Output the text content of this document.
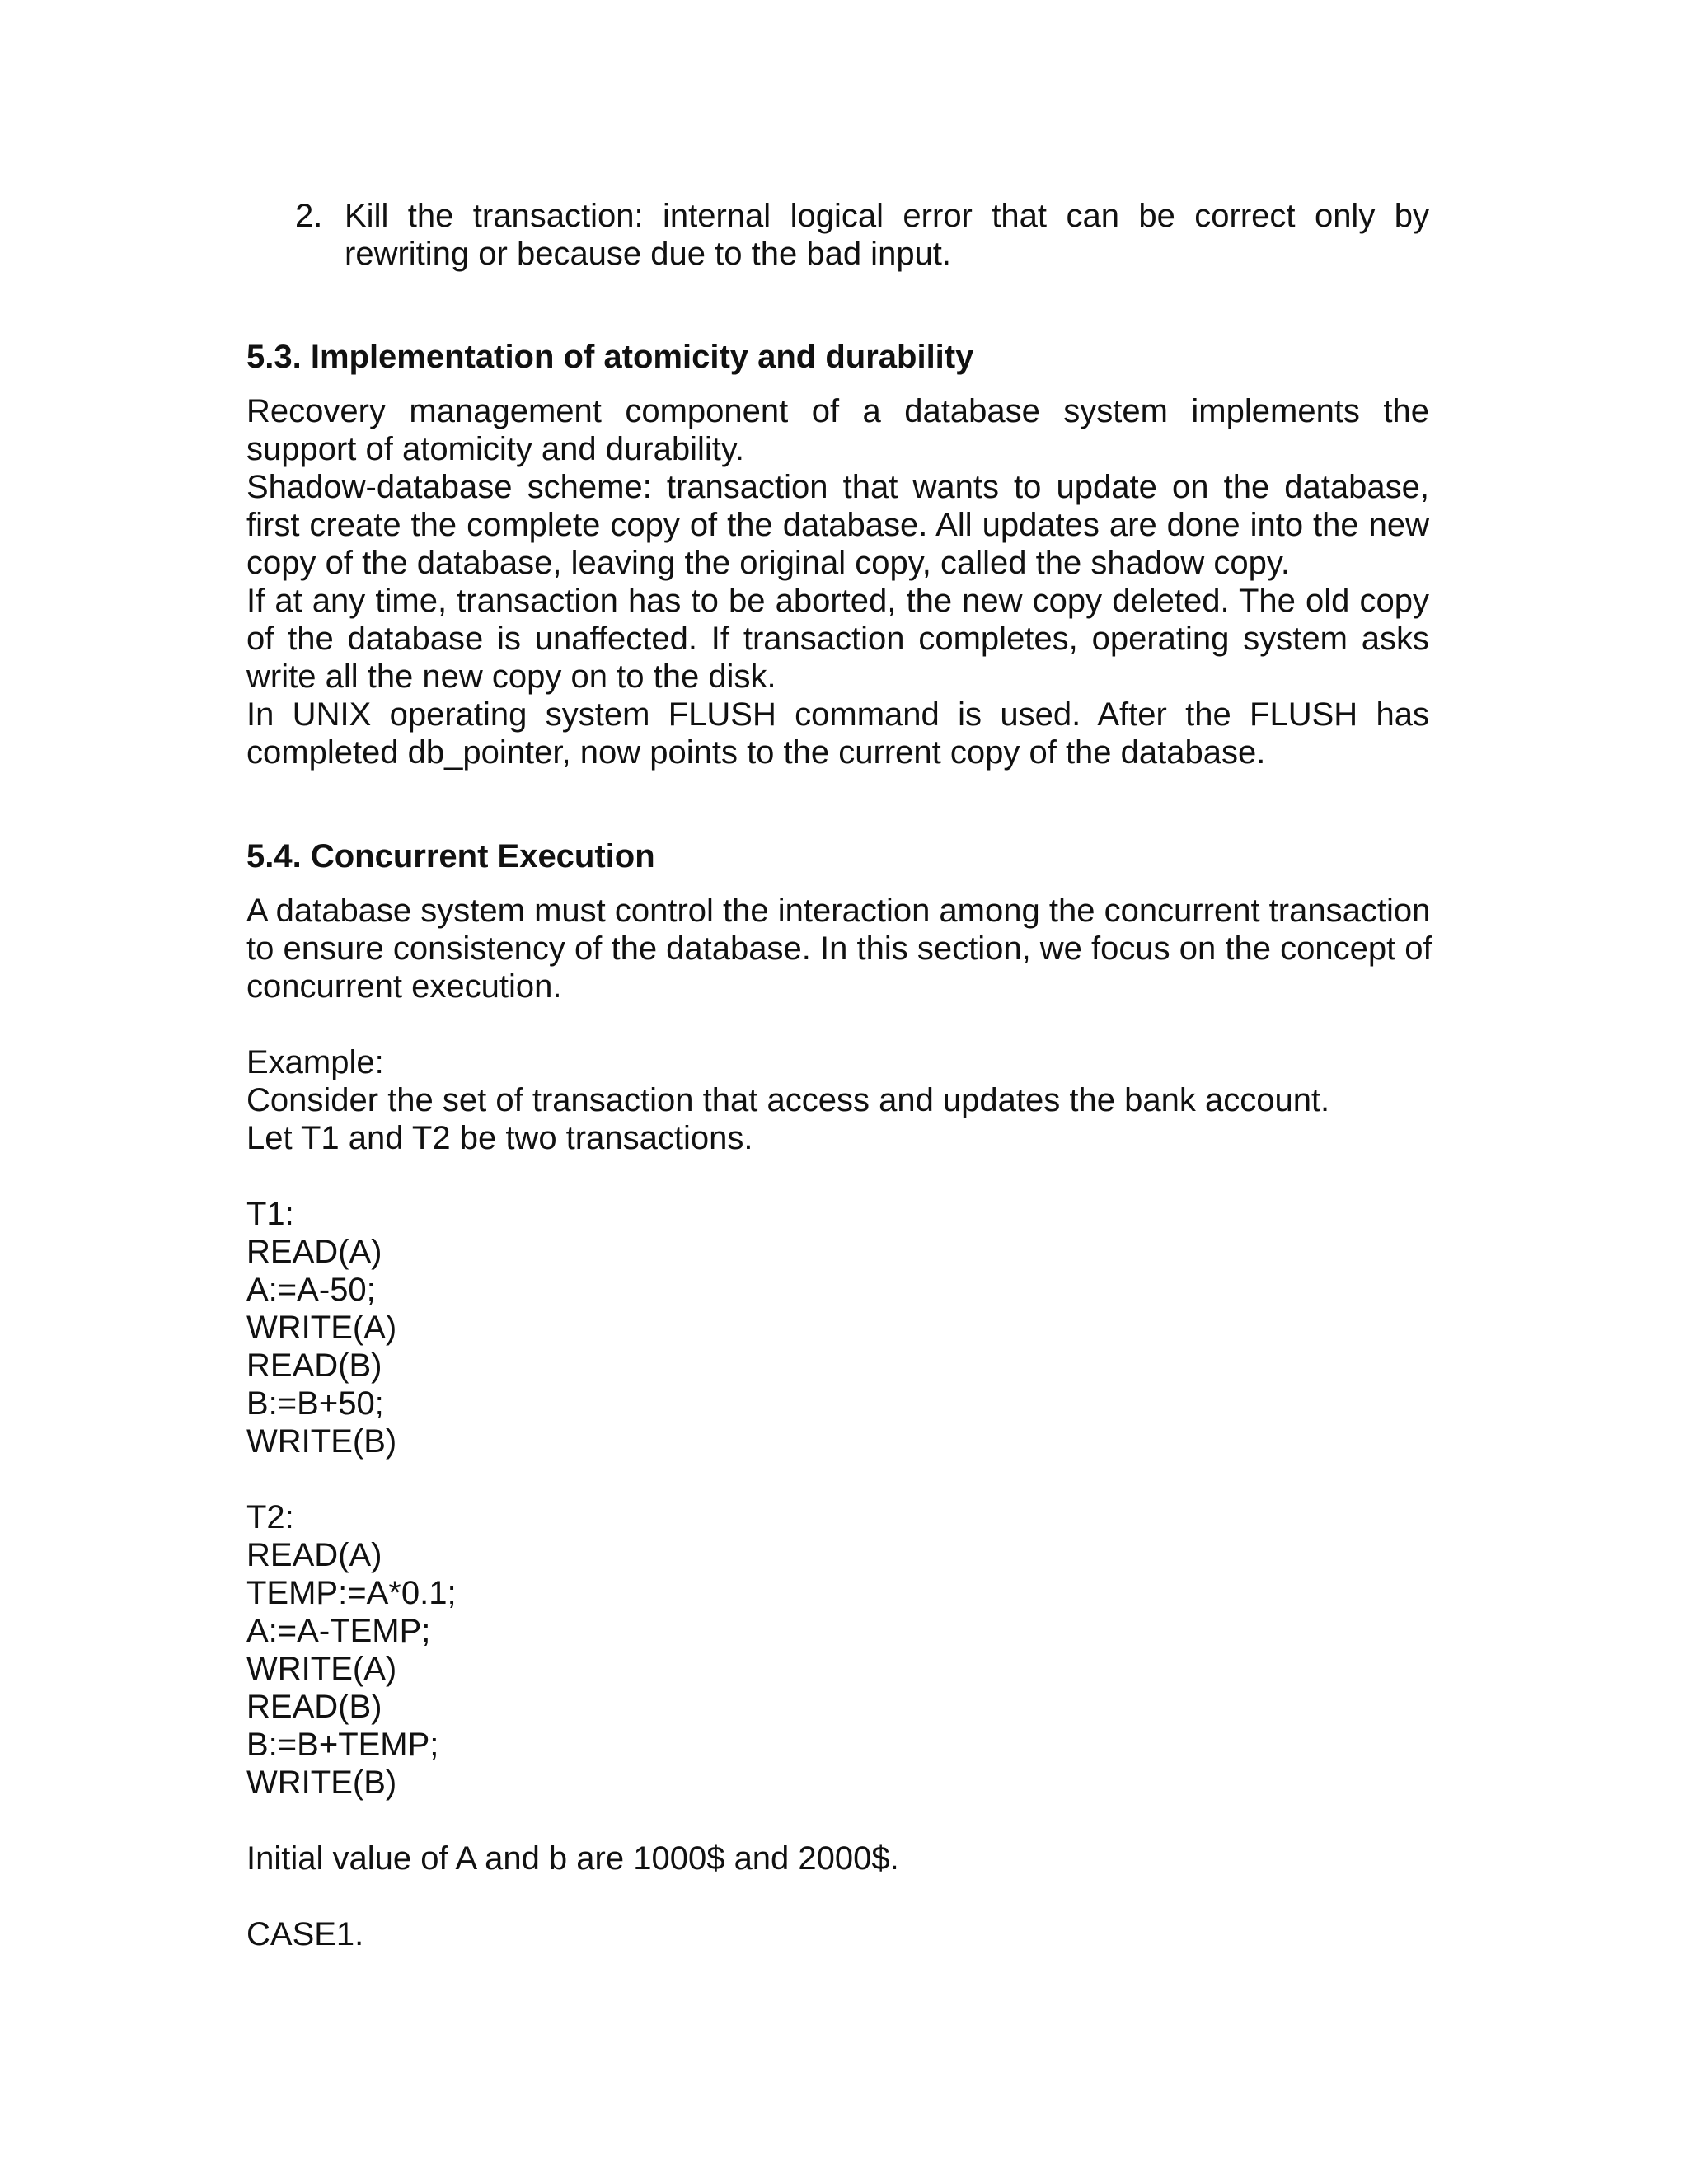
2. Kill the transaction: internal logical error that can be correct only by
rewriting or because due to the bad input.
5.3. Implementation of atomicity and durability
Recovery management component of a database system implements the
support of atomicity and durability.
Shadow-database scheme: transaction that wants to update on the database,
first create the complete copy of the database. All updates are done into the new
copy of the database, leaving the original copy, called the shadow copy.
If at any time, transaction has to be aborted, the new copy deleted. The old copy
of the database is unaffected. If transaction completes, operating system asks
write all the new copy on to the disk.
In UNIX operating system FLUSH command is used. After the FLUSH has
completed db_pointer, now points to the current copy of the database.
5.4. Concurrent Execution
A database system must control the interaction among the concurrent transaction
to ensure consistency of the database. In this section, we focus on the concept of
concurrent execution.
Example:
Consider the set of transaction that access and updates the bank account.
Let T1 and T2 be two transactions.
T1:
READ(A)
A:=A-50;
WRITE(A)
READ(B)
B:=B+50;
WRITE(B)
T2:
READ(A)
TEMP:=A*0.1;
A:=A-TEMP;
WRITE(A)
READ(B)
B:=B+TEMP;
WRITE(B)
Initial value of A and b are 1000$ and 2000$.
CASE1.
